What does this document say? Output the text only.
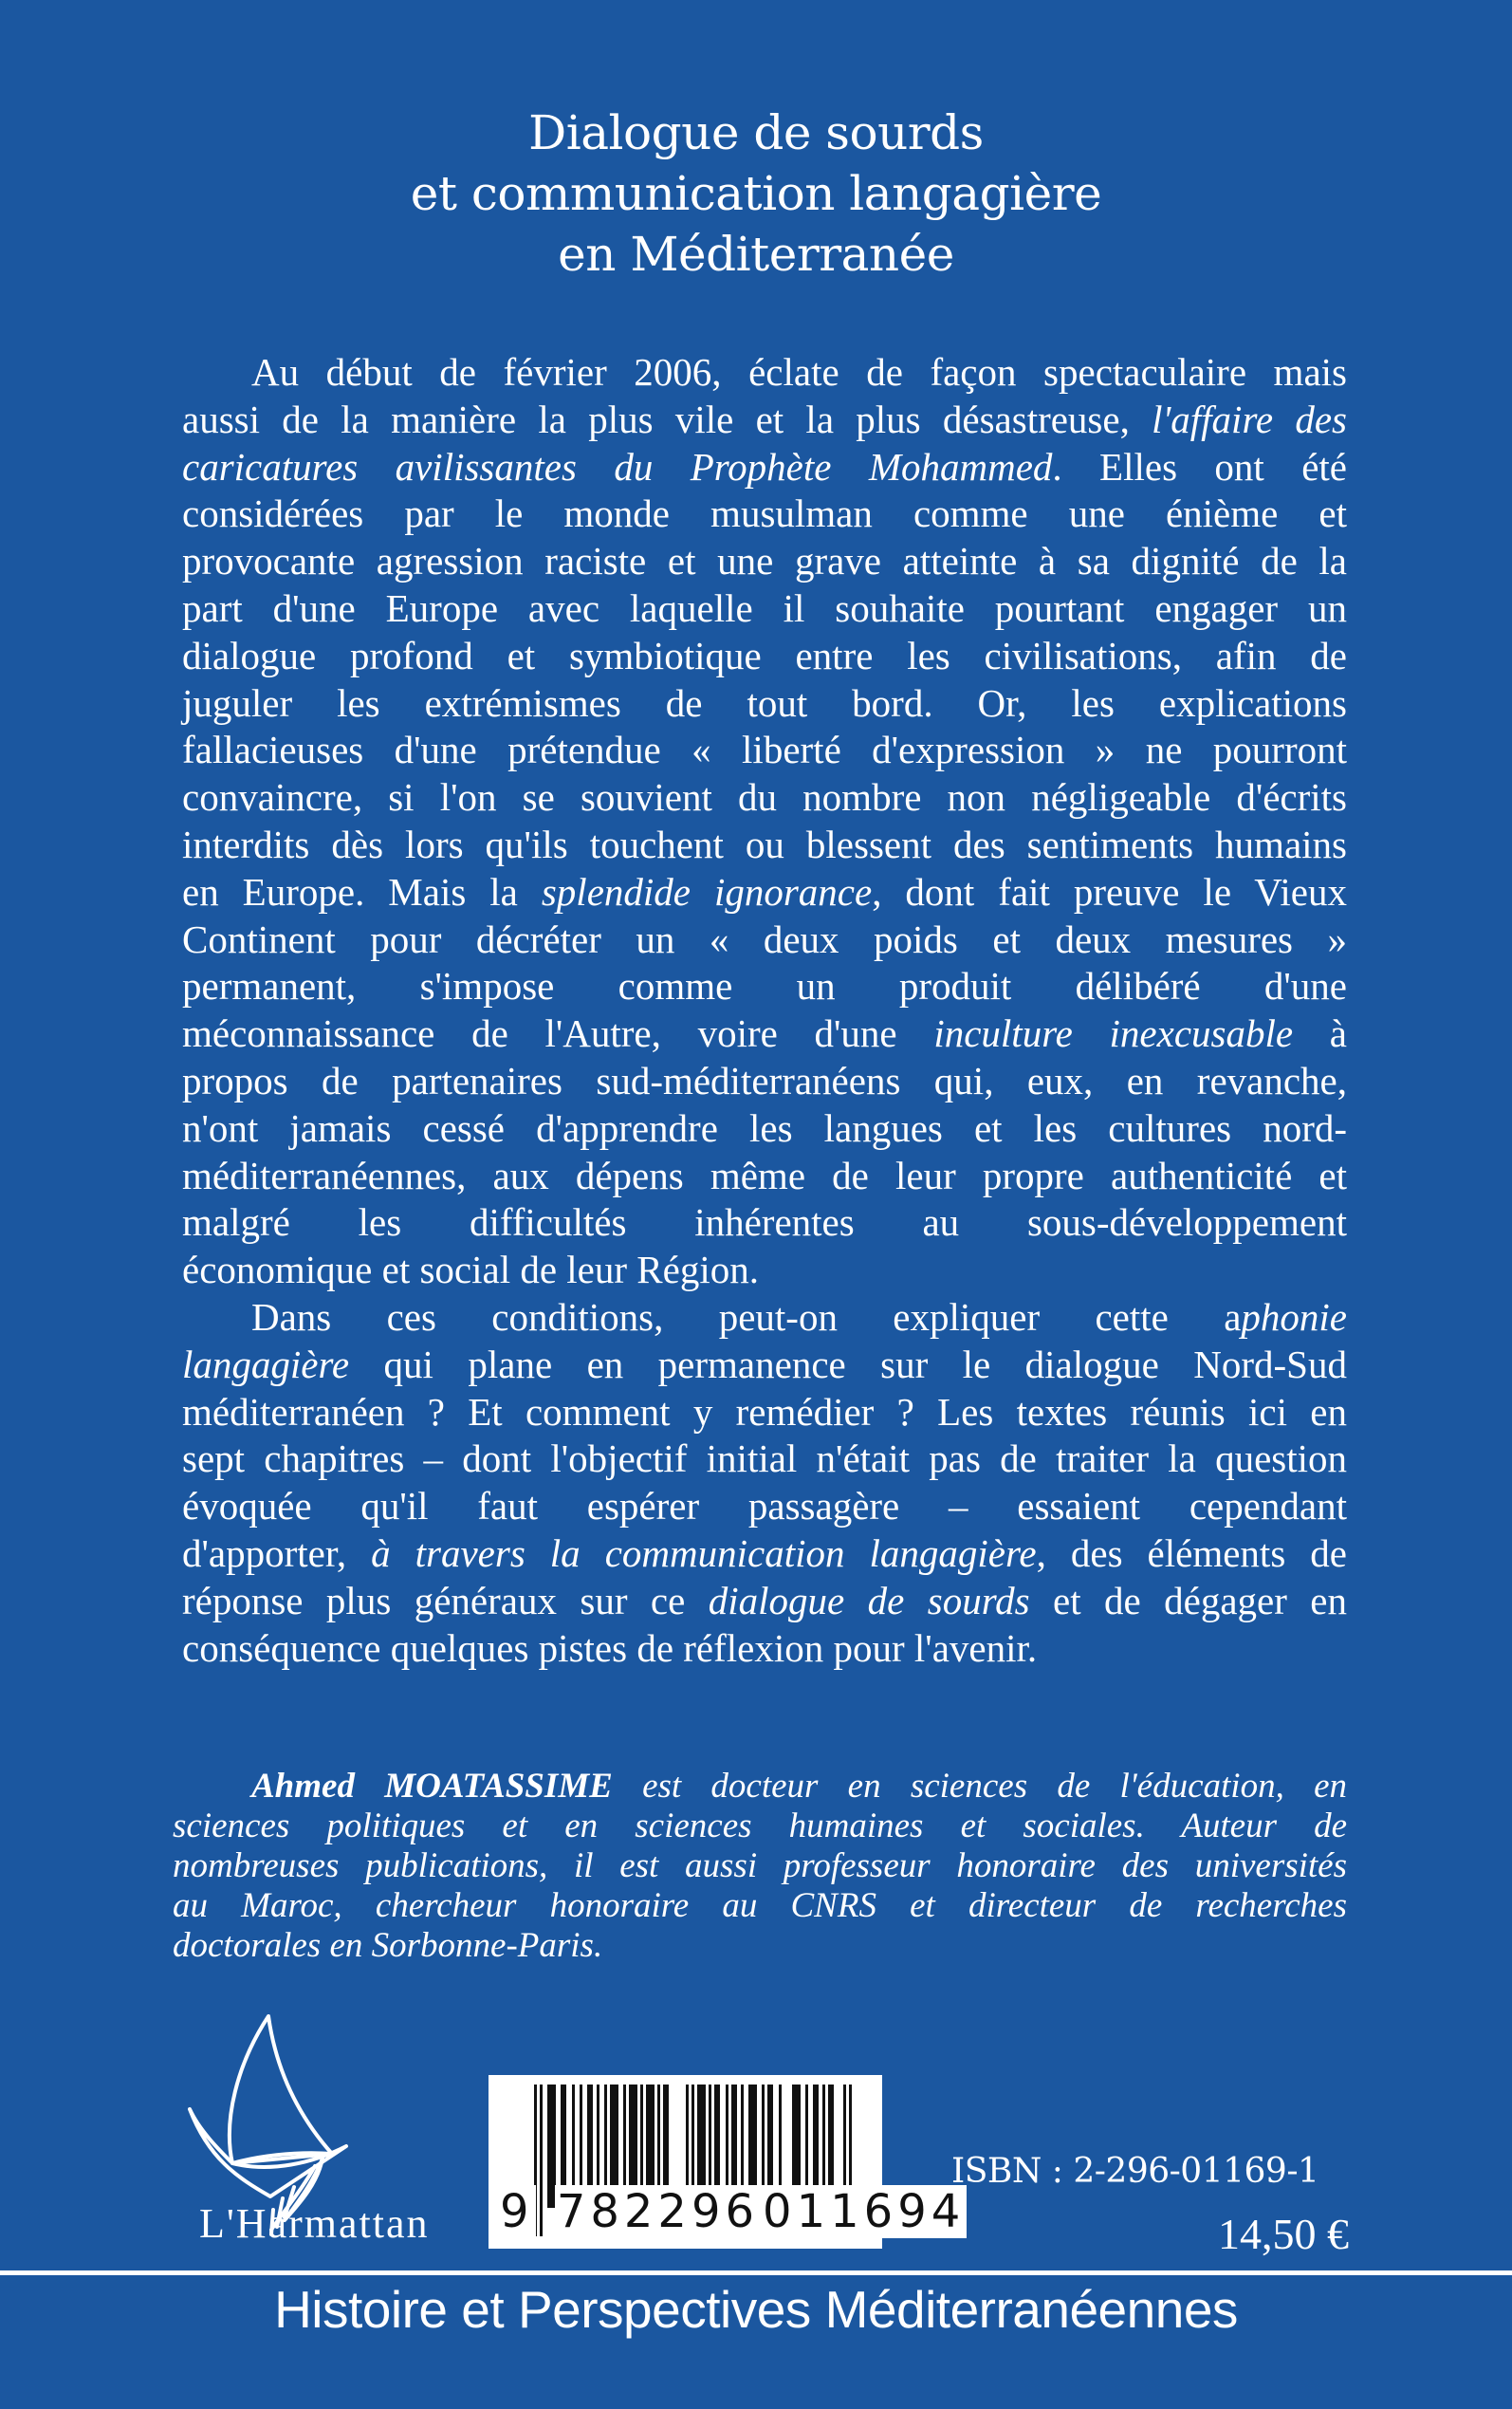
Dialogue de sourds
et communication langagière
en Méditerranée
Au début de février 2006, éclate de façon spectaculaire mais
aussi de la manière la plus vile et la plus désastreuse, l'affaire des
caricatures avilissantes du Prophète Mohammed. Elles ont été
considérées par le monde musulman comme une énième et
provocante agression raciste et une grave atteinte à sa dignité de la
part d'une Europe avec laquelle il souhaite pourtant engager un
dialogue profond et symbiotique entre les civilisations, afin de
juguler les extrémismes de tout bord. Or, les explications
fallacieuses d'une prétendue « liberté d'expression » ne pourront
convaincre, si l'on se souvient du nombre non négligeable d'écrits
interdits dès lors qu'ils touchent ou blessent des sentiments humains
en Europe. Mais la splendide ignorance, dont fait preuve le Vieux
Continent pour décréter un « deux poids et deux mesures »
permanent, s'impose comme un produit délibéré d'une
méconnaissance de l'Autre, voire d'une inculture inexcusable à
propos de partenaires sud-méditerranéens qui, eux, en revanche,
n'ont jamais cessé d'apprendre les langues et les cultures nord-
méditerranéennes, aux dépens même de leur propre authenticité et
malgré les difficultés inhérentes au sous-développement
économique et social de leur Région.
Dans ces conditions, peut-on expliquer cette aphonie
langagière qui plane en permanence sur le dialogue Nord-Sud
méditerranéen ? Et comment y remédier ? Les textes réunis ici en
sept chapitres – dont l'objectif initial n'était pas de traiter la question
évoquée qu'il faut espérer passagère – essaient cependant
d'apporter, à travers la communication langagière, des éléments de
réponse plus généraux sur ce dialogue de sourds et de dégager en
conséquence quelques pistes de réflexion pour l'avenir.
Ahmed MOATASSIME est docteur en sciences de l'éducation, en
sciences politiques et en sciences humaines et sociales. Auteur de
nombreuses publications, il est aussi professeur honoraire des universités
au Maroc, chercheur honoraire au CNRS et directeur de recherches
doctorales en Sorbonne-Paris.
L'Harmattan 9 782296011694
ISBN : 2-296-01169-1
14,50 €
Histoire et Perspectives Méditerranéennes
